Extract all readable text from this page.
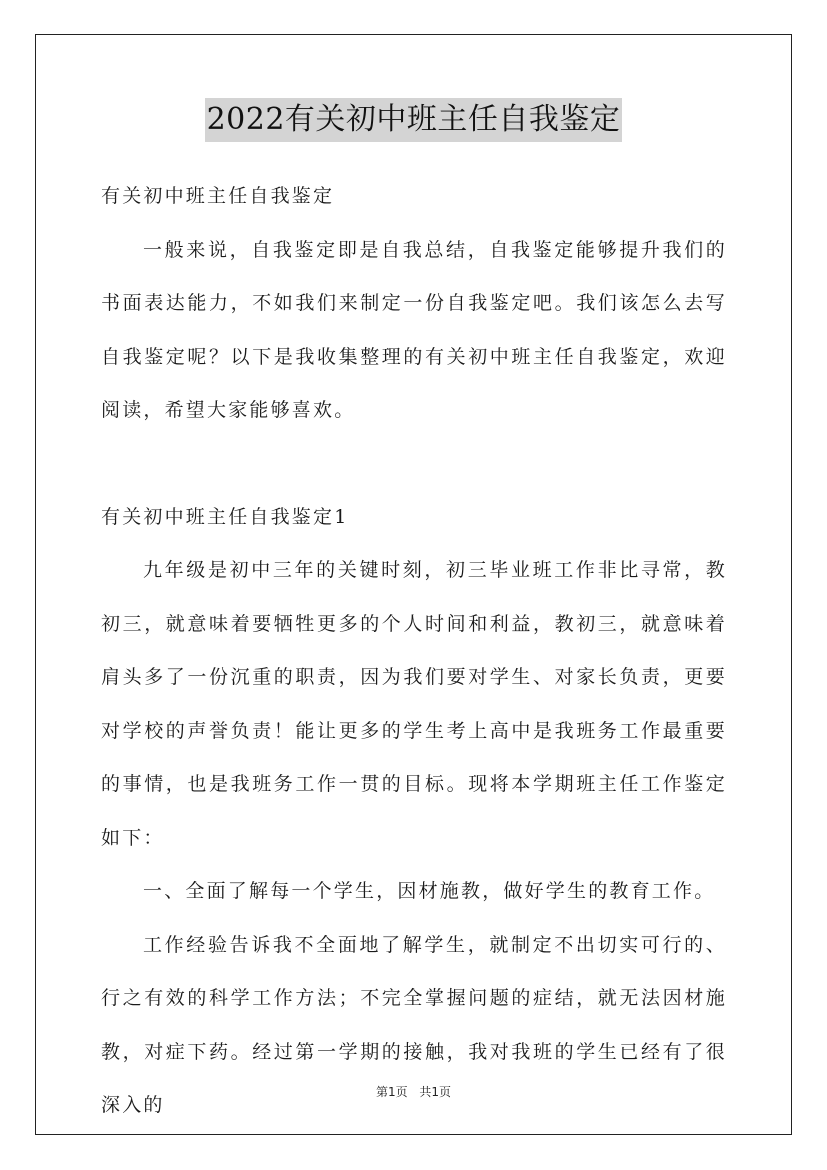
2022有关初中班主任自我鉴定

有关初中班主任自我鉴定

一般来说，自我鉴定即是自我总结，自我鉴定能够提升我们的书面表达能力，不如我们来制定一份自我鉴定吧。我们该怎么去写自我鉴定呢？以下是我收集整理的有关初中班主任自我鉴定，欢迎阅读，希望大家能够喜欢。

有关初中班主任自我鉴定1

九年级是初中三年的关键时刻，初三毕业班工作非比寻常，教初三，就意味着要牺牲更多的个人时间和利益，教初三，就意味着肩头多了一份沉重的职责，因为我们要对学生、对家长负责，更要对学校的声誉负责！能让更多的学生考上高中是我班务工作最重要的事情，也是我班务工作一贯的目标。现将本学期班主任工作鉴定如下：

一、全面了解每一个学生，因材施教，做好学生的教育工作。

工作经验告诉我不全面地了解学生，就制定不出切实可行的、行之有效的科学工作方法；不完全掌握问题的症结，就无法因材施教，对症下药。经过第一学期的接触，我对我班的学生已经有了很深入的

第1页 共1页
